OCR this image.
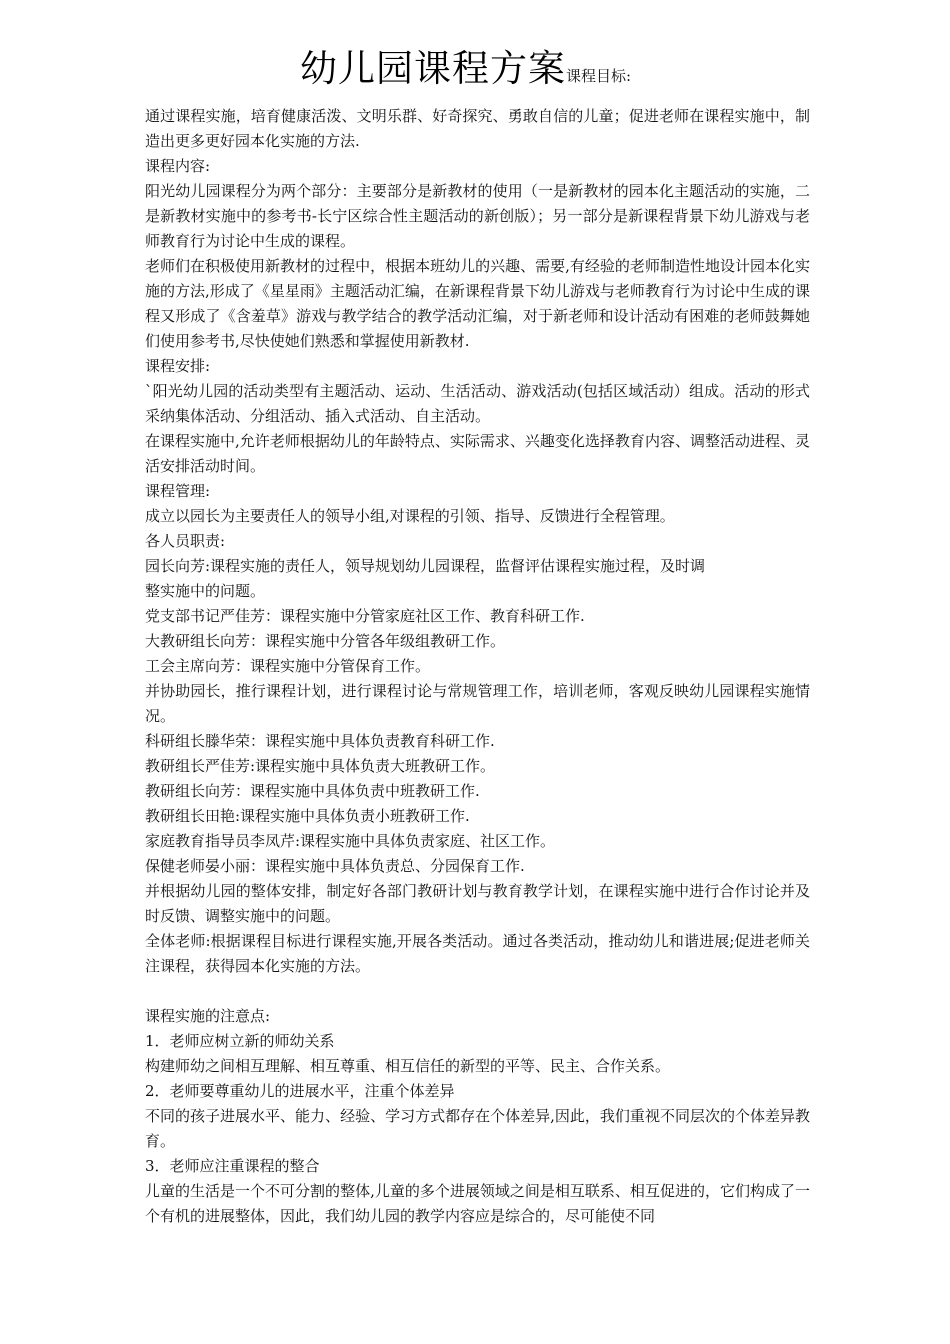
幼儿园课程方案课程目标:

通过课程实施，培育健康活泼、文明乐群、好奇探究、勇敢自信的儿童；促进老师在课程实施中，制造出更多更好园本化实施的方法.

课程内容:

阳光幼儿园课程分为两个部分：主要部分是新教材的使用（一是新教材的园本化主题活动的实施，二是新教材实施中的参考书-长宁区综合性主题活动的新创版）；另一部分是新课程背景下幼儿游戏与老师教育行为讨论中生成的课程。

老师们在积极使用新教材的过程中，根据本班幼儿的兴趣、需要,有经验的老师制造性地设计园本化实施的方法,形成了《星星雨》主题活动汇编，在新课程背景下幼儿游戏与老师教育行为讨论中生成的课程又形成了《含羞草》游戏与教学结合的教学活动汇编，对于新老师和设计活动有困难的老师鼓舞她们使用参考书,尽快使她们熟悉和掌握使用新教材.

课程安排:

`阳光幼儿园的活动类型有主题活动、运动、生活活动、游戏活动(包括区域活动）组成。活动的形式采纳集体活动、分组活动、插入式活动、自主活动。

在课程实施中,允许老师根据幼儿的年龄特点、实际需求、兴趣变化选择教育内容、调整活动进程、灵活安排活动时间。

课程管理:

成立以园长为主要责任人的领导小组,对课程的引领、指导、反馈进行全程管理。

各人员职责:

园长向芳:课程实施的责任人，领导规划幼儿园课程，监督评估课程实施过程，及时调

整实施中的问题。

党支部书记严佳芳：课程实施中分管家庭社区工作、教育科研工作.

大教研组长向芳：课程实施中分管各年级组教研工作。

工会主席向芳：课程实施中分管保育工作。

并协助园长，推行课程计划，进行课程讨论与常规管理工作，培训老师，客观反映幼儿园课程实施情况。

科研组长滕华荣：课程实施中具体负责教育科研工作.

教研组长严佳芳:课程实施中具体负责大班教研工作。

教研组长向芳：课程实施中具体负责中班教研工作.

教研组长田艳:课程实施中具体负责小班教研工作.

家庭教育指导员李凤芹:课程实施中具体负责家庭、社区工作。

保健老师晏小丽：课程实施中具体负责总、分园保育工作.

并根据幼儿园的整体安排，制定好各部门教研计划与教育教学计划，在课程实施中进行合作讨论并及时反馈、调整实施中的问题。

全体老师:根据课程目标进行课程实施,开展各类活动。通过各类活动，推动幼儿和谐进展;促进老师关注课程，获得园本化实施的方法。

课程实施的注意点:

1．老师应树立新的师幼关系

构建师幼之间相互理解、相互尊重、相互信任的新型的平等、民主、合作关系。

2．老师要尊重幼儿的进展水平，注重个体差异

不同的孩子进展水平、能力、经验、学习方式都存在个体差异,因此，我们重视不同层次的个体差异教育。

3．老师应注重课程的整合

儿童的生活是一个不可分割的整体,儿童的多个进展领域之间是相互联系、相互促进的，它们构成了一个有机的进展整体，因此，我们幼儿园的教学内容应是综合的，尽可能使不同
